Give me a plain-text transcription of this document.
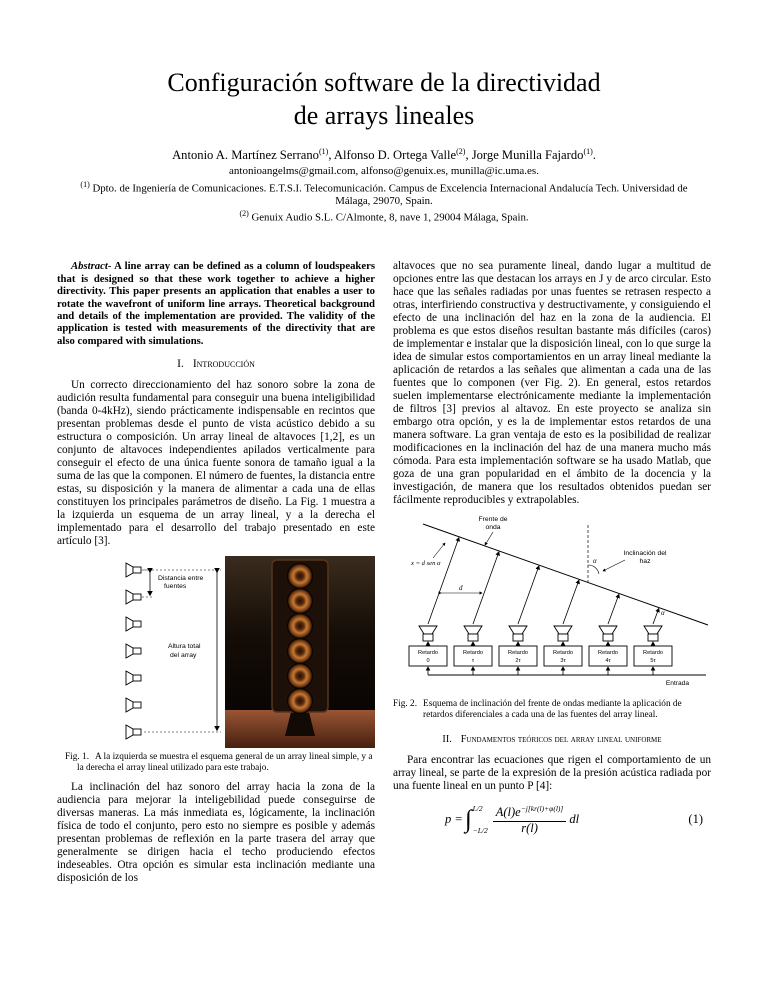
Configuración software de la directividad
de arrays lineales
Antonio A. Martínez Serrano$^{(1)}$, Alfonso D. Ortega Valle$^{(2)}$, Jorge Munilla Fajardo$^{(1)}$.
antonioangelms@gmail.com, alfonso@genuix.es, munilla@ic.uma.es.
$^{(1)}$ Dpto. de Ingeniería de Comunicaciones. E.T.S.I. Telecomunicación. Campus de Excelencia Internacional Andalucía Tech. Universidad de Málaga, 29070, Spain.
$^{(2)}$ Genuix Audio S.L. C/Almonte, 8, nave 1, 29004 Málaga, Spain.

Abstract- A line array can be defined as a column of loudspeakers that is designed so that these work together to achieve a higher directivity. This paper presents an application that enables a user to rotate the wavefront of uniform line arrays. Theoretical background and details of the implementation are provided. The validity of the application is tested with measurements of the directivity that are also compared with simulations.

I. Introducción

Un correcto direccionamiento del haz sonoro sobre la zona de audición resulta fundamental para conseguir una buena inteligibilidad (banda 0-4kHz), siendo prácticamente indispensable en recintos que presentan problemas desde el punto de vista acústico debido a su estructura o composición. Un array lineal de altavoces [1,2], es un conjunto de altavoces independientes apilados verticalmente para conseguir el efecto de una única fuente sonora de tamaño igual a la suma de las que la componen. El número de fuentes, la distancia entre estas, su disposición y la manera de alimentar a cada una de ellas constituyen los principales parámetros de diseño. La Fig. 1 muestra a la izquierda un esquema de un array lineal, y a la derecha el implementado para el desarrollo del trabajo presentado en este artículo [3].

Distancia entre
fuentes
Altura total
del array

Fig. 1. A la izquierda se muestra el esquema general de un array lineal simple, y a la derecha el array lineal utilizado para este trabajo.

La inclinación del haz sonoro del array hacia la zona de la audiencia para mejorar la inteligebilidad puede conseguirse de diversas maneras. La más inmediata es, lógicamente, la inclinación física de todo el conjunto, pero esto no siempre es posible y además presentan problemas de reflexión en la parte trasera del array que generalmente se dirigen hacia el techo produciendo efectos indeseables. Otra opción es simular esta inclinación mediante una disposición de los

altavoces que no sea puramente lineal, dando lugar a multitud de opciones entre las que destacan los arrays en J y de arco circular. Esto hace que las señales radiadas por unas fuentes se retrasen respecto a otras, interfiriendo constructiva y destructivamente, y consiguiendo el efecto de una inclinación del haz en la zona de la audiencia. El problema es que estos diseños resultan bastante más difíciles (caros) de implementar e instalar que la disposición lineal, con lo que surge la idea de simular estos comportamientos en un array lineal mediante la aplicación de retardos a las señales que alimentan a cada una de las fuentes que lo componen (ver Fig. 2). En general, estos retardos suelen implementarse electrónicamente mediante la implementación de filtros [3] previos al altavoz. En este proyecto se analiza sin embargo otra opción, y es la de implementar estos retardos de una manera software. La gran ventaja de esto es la posibilidad de realizar modificaciones en la inclinación del haz de una manera mucho más cómoda. Para esta implementación software se ha usado Matlab, que goza de una gran popularidad en el ámbito de la docencia y la investigación, de manera que los resultados obtenidos puedan ser fácilmente reproducibles y extrapolables.

α
α
Frente de
onda
x = d sen α
Inclinación del
haz
d
Retardo
0
Retardo
τ
Retardo
2τ
Retardo
3τ
Retardo
4τ
Retardo
5τ
Entrada

Fig. 2. Esquema de inclinación del frente de ondas mediante la aplicación de retardos diferenciales a cada una de las fuentes del array lineal.

II. Fundamentos teóricos del array lineal uniforme

Para encontrar las ecuaciones que rigen el comportamiento de un array lineal, se parte de la expresión de la presión acústica radiada por una fuente lineal en un punto P [4]:

p = ∫ L/2
$-L/2 \frac{A(l)e^{-j[kr(l)+\varphi(l)]}}{r(l)}$ dl	(1)
